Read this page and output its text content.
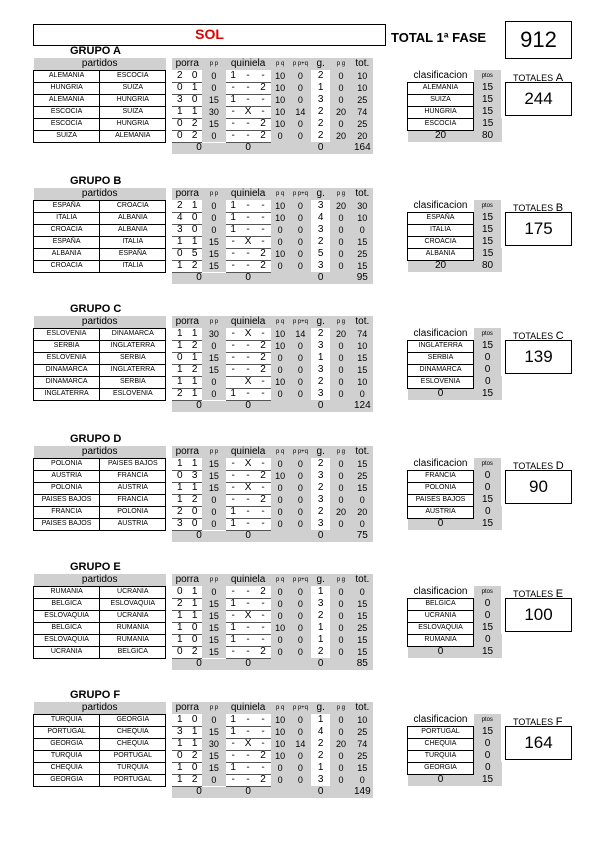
SOL	TOTAL 1ª FASE	912
GRUPO A
partidos			porra		p p	quiniela			p q	p p+q	g.	p g	tot.		
ALEMANIA	ESCOCIA		2	0	0	1	-	-	10	0	2	0	10		
HUNGRIA	SUIZA		0	1	0	-	-	2	10	0	1	0	10		
ALEMANIA	HUNGRIA		3	0	15	1	-	-	10	0	3	0	25		
ESCOCIA	SUIZA		1	1	30	-	X	-	10	14	2	20	74		
ESCOCIA	HUNGRIA		0	2	15	-	-	2	10	0	2	0	25		
SUIZA	ALEMANIA		0	2	0	-	-	2	0	0	2	20	20		
			0			0				0			164		
clasificacion	ptos
ALEMANIA	15
SUIZA	15
HUNGRIA	15
ESCOCIA	15
20	80
TOTALES A
244
GRUPO B
partidos			porra		p p	quiniela			p q	p p+q	g.	p g	tot.		
ESPAÑA	CROACIA		2	1	0	1	-	-	10	0	3	20	30		
ITALIA	ALBANIA		4	0	0	1	-	-	10	0	4	0	10		
CROACIA	ALBANIA		3	0	0	1	-	-	0	0	3	0	0		
ESPAÑA	ITALIA		1	1	15	-	X	-	0	0	2	0	15		
ALBANIA	ESPAÑA		0	5	15	-	-	2	10	0	5	0	25		
CROACIA	ITALIA		1	2	15	-	-	2	0	0	3	0	15		
			0			0				0			95		
clasificacion	ptos
ESPAÑA	15
ITALIA	15
CROACIA	15
ALBANIA	15
20	80
TOTALES B
175
GRUPO C
partidos			porra		p p	quiniela			p q	p p+q	g.	p g	tot.		
ESLOVENIA	DINAMARCA		1	1	30	-	X	-	10	14	2	20	74		
SERBIA	INGLATERRA		1	2	0	-	-	2	10	0	3	0	10		
ESLOVENIA	SERBIA		0	1	15	-	-	2	0	0	1	0	15		
DINAMARCA	INGLATERRA		1	2	15	-	-	2	0	0	3	0	15		
DINAMARCA	SERBIA		1	1	0		X	-	10	0	2	0	10		
INGLATERRA	ESLOVENIA		2	1	0	1	-	-	0	0	3	0	0		
			0			0				0			124		
clasificacion	ptos
INGLATERRA	15
SERBIA	0
DINAMARCA	0
ESLOVENIA	0
0	15
TOTALES C
139
GRUPO D
partidos			porra		p p	quiniela			p q	p p+q	g.	p g	tot.		
POLONIA	PAISES BAJOS		1	1	15	-	X	-	0	0	2	0	15		
AUSTRIA	FRANCIA		0	3	15	-	-	2	10	0	3	0	25		
POLONIA	AUSTRIA		1	1	15	-	X	-	0	0	2	0	15		
PAISES BAJOS	FRANCIA		1	2	0	-	-	2	0	0	3	0	0		
FRANCIA	POLONIA		2	0	0	1	-	-	0	0	2	20	20		
PAISES BAJOS	AUSTRIA		3	0	0	1	-	-	0	0	3	0	0		
			0			0				0			75		
clasificacion	ptos
FRANCIA	0
POLONIA	0
PAISES BAJOS	15
AUSTRIA	0
0	15
TOTALES D
90
GRUPO E
partidos			porra		p p	quiniela			p q	p p+q	g.	p g	tot.		
RUMANIA	UCRANIA		0	1	0	-	-	2	0	0	1	0	0		
BELGICA	ESLOVAQUIA		2	1	15	1	-	-	0	0	3	0	15		
ESLOVAQUIA	UCRANIA		1	1	15	-	X	-	0	0	2	0	15		
BELGICA	RUMANIA		1	0	15	1	-	-	10	0	1	0	25		
ESLOVAQUIA	RUMANIA		1	0	15	1	-	-	0	0	1	0	15		
UCRANIA	BELGICA		0	2	15	-	-	2	0	0	2	0	15		
			0			0				0			85		
clasificacion	ptos
BELGICA	0
UCRANIA	0
ESLOVAQUIA	15
RUMANIA	0
0	15
TOTALES E
100
GRUPO F
partidos			porra		p p	quiniela			p q	p p+q	g.	p g	tot.		
TURQUIA	GEORGIA		1	0	0	1	-	-	10	0	1	0	10		
PORTUGAL	CHEQUIA		3	1	15	1	-	-	10	0	4	0	25		
GEORGIA	CHEQUIA		1	1	30	-	X	-	10	14	2	20	74		
TURQUIA	PORTUGAL		0	2	15	-	-	2	10	0	2	0	25		
CHEQUIA	TURQUIA		1	0	15	1	-	-	0	0	1	0	15		
GEORGIA	PORTUGAL		1	2	0	-	-	2	0	0	3	0	0		
			0			0				0			149		
clasificacion	ptos
PORTUGAL	15
CHEQUIA	0
TURQUIA	0
GEORGIA	0
0	15
TOTALES F
164
